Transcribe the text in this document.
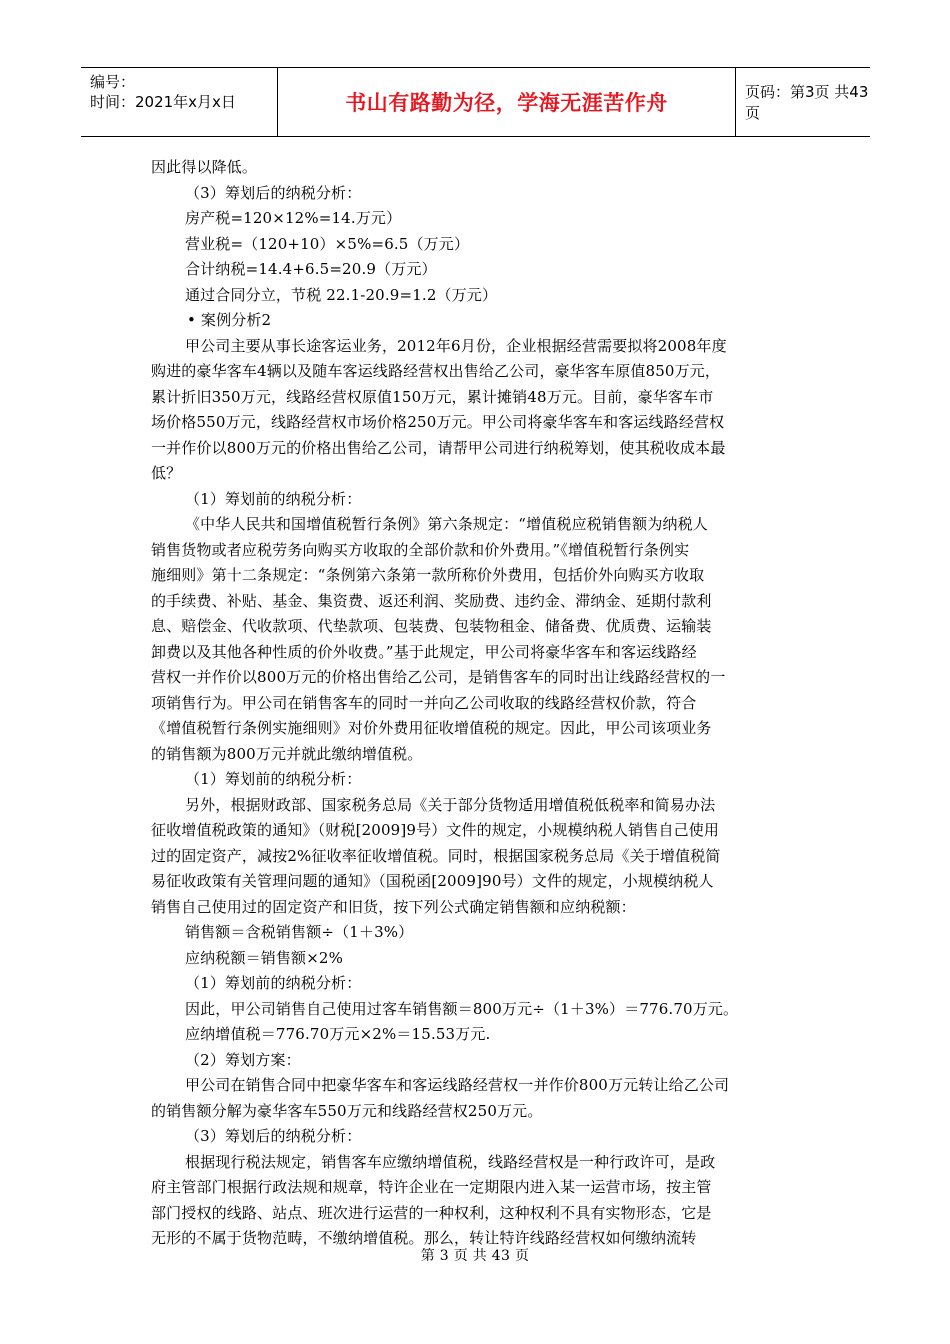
编号：
时间：2021年x月x日	书山有路勤为径，学海无涯苦作舟	页码：第3页 共43页

因此得以降低。

（3）筹划后的纳税分析：

房产税=120×12%=14.万元）

营业税=（120+10）×5%=6.5（万元）

合计纳税=14.4+6.5=20.9（万元）

通过合同分立，节税 22.1-20.9=1.2（万元）

• 案例分析2

甲公司主要从事长途客运业务，2012年6月份，企业根据经营需要拟将2008年度

购进的豪华客车4辆以及随车客运线路经营权出售给乙公司，豪华客车原值850万元，

累计折旧350万元，线路经营权原值150万元，累计摊销48万元。目前，豪华客车市

场价格550万元，线路经营权市场价格250万元。甲公司将豪华客车和客运线路经营权

一并作价以800万元的价格出售给乙公司，请帮甲公司进行纳税筹划，使其税收成本最

低？

（1）筹划前的纳税分析：

《中华人民共和国增值税暂行条例》第六条规定：“增值税应税销售额为纳税人

销售货物或者应税劳务向购买方收取的全部价款和价外费用。”《增值税暂行条例实

施细则》第十二条规定：“条例第六条第一款所称价外费用，包括价外向购买方收取

的手续费、补贴、基金、集资费、返还利润、奖励费、违约金、滞纳金、延期付款利

息、赔偿金、代收款项、代垫款项、包装费、包装物租金、储备费、优质费、运输装

卸费以及其他各种性质的价外收费。”基于此规定，甲公司将豪华客车和客运线路经

营权一并作价以800万元的价格出售给乙公司，是销售客车的同时出让线路经营权的一

项销售行为。甲公司在销售客车的同时一并向乙公司收取的线路经营权价款，符合

《增值税暂行条例实施细则》对价外费用征收增值税的规定。因此，甲公司该项业务

的销售额为800万元并就此缴纳增值税。

（1）筹划前的纳税分析：

另外，根据财政部、国家税务总局《关于部分货物适用增值税低税率和简易办法

征收增值税政策的通知》（财税[2009]9号）文件的规定，小规模纳税人销售自己使用

过的固定资产，减按2%征收率征收增值税。同时，根据国家税务总局《关于增值税简

易征收政策有关管理问题的通知》（国税函[2009]90号）文件的规定，小规模纳税人

销售自己使用过的固定资产和旧货，按下列公式确定销售额和应纳税额：

销售额＝含税销售额÷（1＋3%）

应纳税额＝销售额×2%

（1）筹划前的纳税分析：

因此，甲公司销售自己使用过客车销售额＝800万元÷（1＋3%）＝776.70万元。

应纳增值税＝776.70万元×2%＝15.53万元.

（2）筹划方案：

甲公司在销售合同中把豪华客车和客运线路经营权一并作价800万元转让给乙公司

的销售额分解为豪华客车550万元和线路经营权250万元。

（3）筹划后的纳税分析：

根据现行税法规定，销售客车应缴纳增值税，线路经营权是一种行政许可，是政

府主管部门根据行政法规和规章，特许企业在一定期限内进入某一运营市场，按主管

部门授权的线路、站点、班次进行运营的一种权利，这种权利不具有实物形态，它是

无形的不属于货物范畴，不缴纳增值税。那么，转让特许线路经营权如何缴纳流转

第 3 页 共 43 页
